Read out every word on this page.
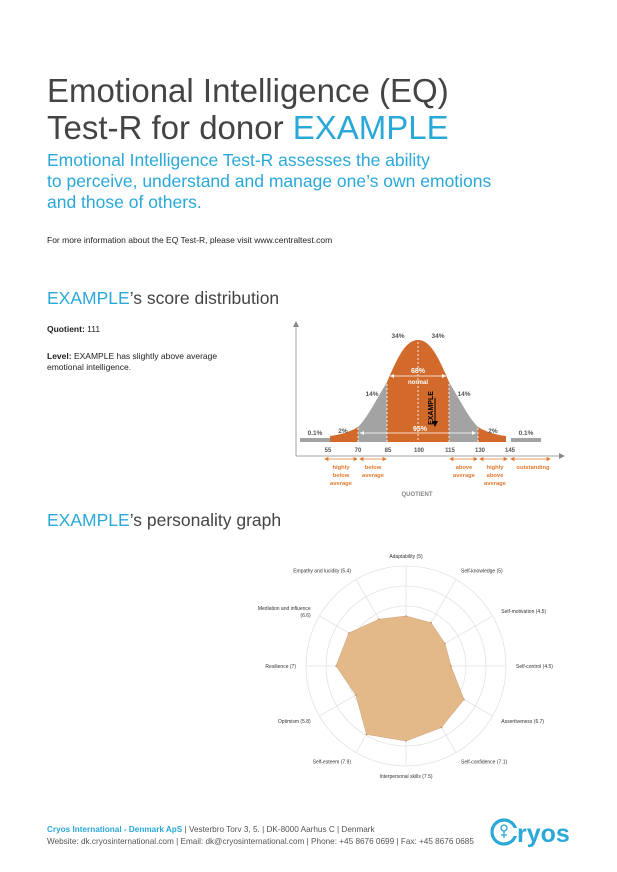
Emotional Intelligence (EQ)
Test-R for donor EXAMPLE
Emotional Intelligence Test-R assesses the ability
to perceive, understand and manage one’s own emotions
and those of others.
For more information about the EQ Test-R, please visit www.centraltest.com
EXAMPLE’s score distribution
Quotient: 111
Level: EXAMPLE has slightly above average
emotional intelligence.	68%
normal
95%
EXAMPLE
0.1% 2%
14%
34%	34%
14%
2%	0.1%
55	70	85	100	115	130	145
highly
below
average
below
average
above
average
highly
above
average
outstanding
QUOTIENT
EXAMPLE’s personality graph
Adaptability (5)
Self-knowledge (5)
Self-motivation (4.5)
Self-control (4.5)
Assertiveness (6.7)
Self-confidence (7.1)
Interpersonal skills (7.5)
Self-esteem (7.9)
Optimism (5.8)
Resilience (7)
Mediation and influence (6.6)
Empathy and lucidity (5.4)
Cryos International - Denmark ApS | Vesterbro Torv 3, 5. | DK-8000 Aarhus C | Denmark
Website: dk.cryosinternational.com | Email: dk@cryosinternational.com | Phone: +45 8676 0699 | Fax: +45 8676 0685 ryos
